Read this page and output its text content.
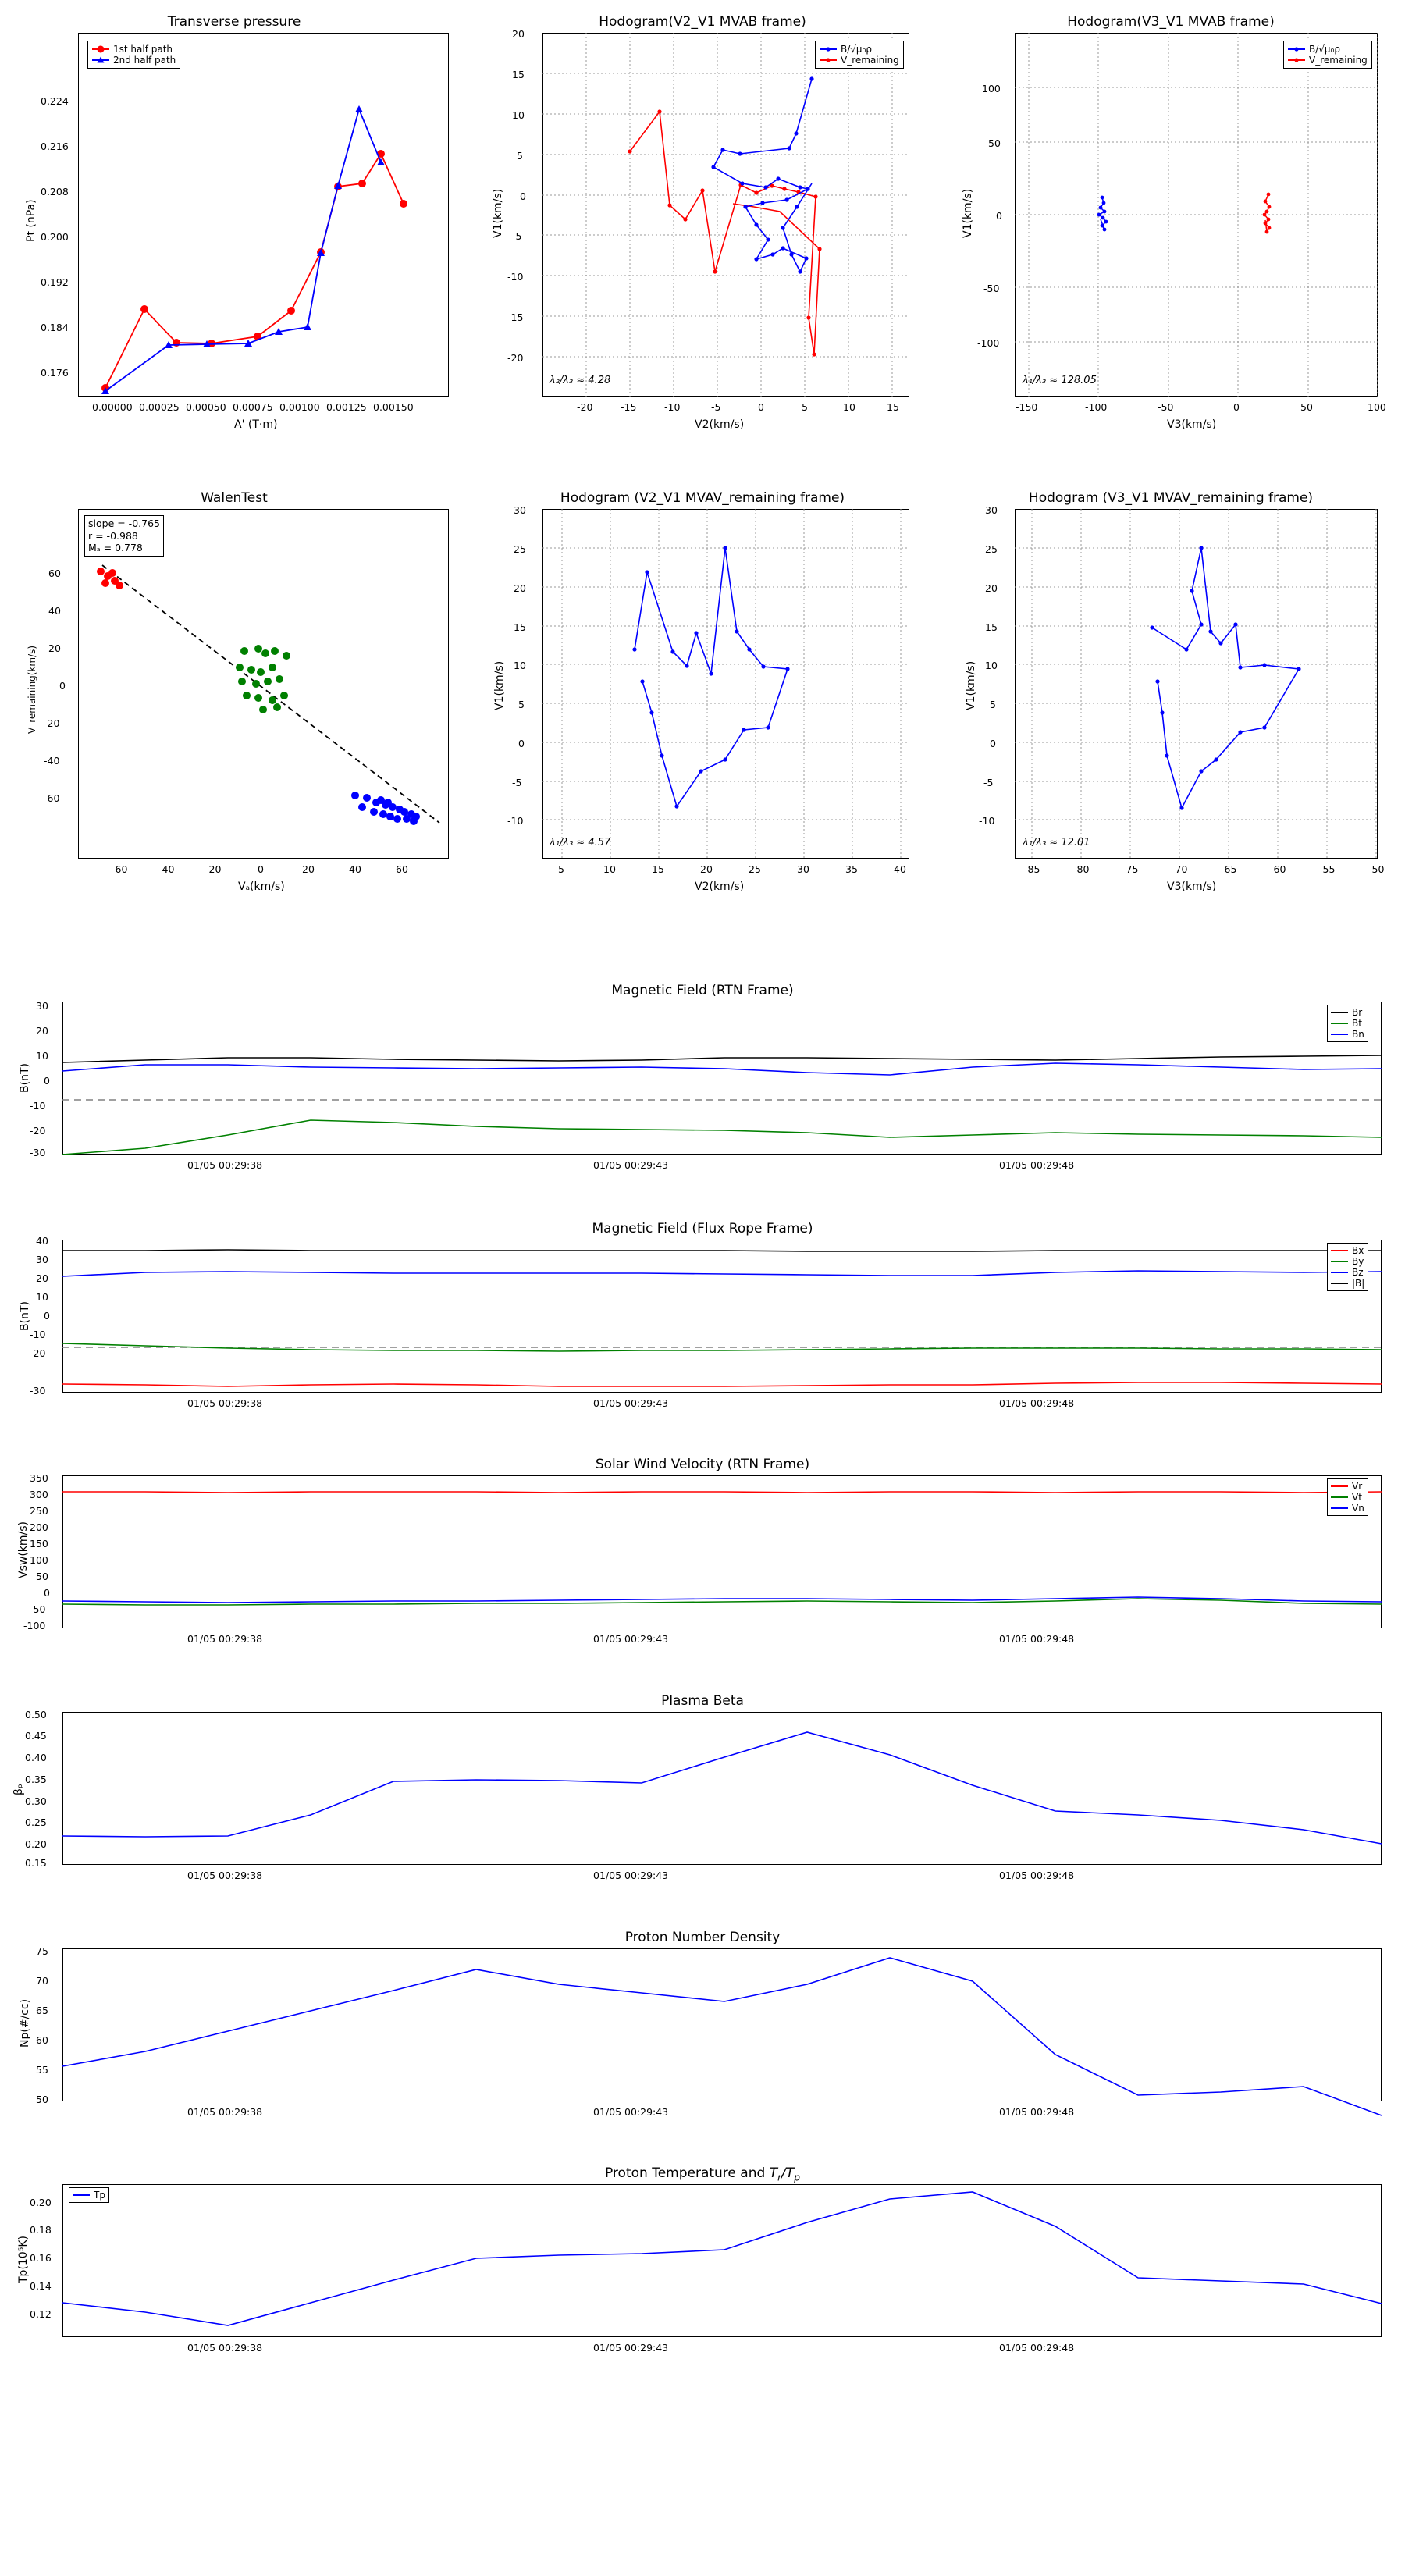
Transverse pressure
1st half path
2nd half path
0.224
0.216
0.208
0.200
0.192
0.184
0.176
0.00000 0.00025 0.00050 0.00075 0.00100 0.00125 0.00150
A' (T·m)
Pt (nPa)
Hodogram(V2_V1 MVAB frame)
B/√μ₀ρ
V_remaining
λ₂/λ₃ ≈ 4.28
20
15
10
5
0
-5
-10
-15
-20
-20	-15	-10	-5	0	5	10	15
V2(km/s)
V1(km/s)
Hodogram(V3_V1 MVAB frame)
B/√μ₀ρ
V_remaining
λ₁/λ₃ ≈ 128.05
100
50
0
-50
-100
-150	-100	-50	0	50	100
V3(km/s)
V1(km/s)
WalenTest
slope = -0.765
r = -0.988
Mₐ = 0.778
60
40
20
0
-20
-40
-60
-60	-40	-20	0	20	40	60
Vₐ(km/s)
V_remaining(km/s)
Hodogram (V2_V1 MVAV_remaining frame)
λ₁/λ₃ ≈ 4.57
30
25
20
15
10
5
0
-5
-10
5	10	15	20	25	30	35	40
V2(km/s)
V1(km/s)
Hodogram (V3_V1 MVAV_remaining frame)
λ₁/λ₃ ≈ 12.01
30
25
20
15
10
5
0
-5
-10
-85	-80	-75	-70	-65	-60	-55	-50
V3(km/s)
V1(km/s)
Magnetic Field (RTN Frame)
Br
Bt
Bn
30
20
10
0
-10
-20
-30
01/05 00:29:38	01/05 00:29:43	01/05 00:29:48
B(nT)
Magnetic Field (Flux Rope Frame)
Bx
By
Bz
|B|
40
30
20
10
0
-10
-20
-30
01/05 00:29:38	01/05 00:29:43	01/05 00:29:48
B(nT)
Solar Wind Velocity (RTN Frame)
Vr
Vt
Vn
350
300
250
200
150
100
50
0
-50
-100
01/05 00:29:38	01/05 00:29:43	01/05 00:29:48
Vsw(km/s)
Plasma Beta
0.50
0.45
0.40
0.35
0.30
0.25
0.20
0.15
01/05 00:29:38	01/05 00:29:43	01/05 00:29:48
βₚ
Proton Number Density
75
70
65
60
55
50
01/05 00:29:38	01/05 00:29:43	01/05 00:29:48
Np(#/cc)
Proton Temperature and $T_r/T_p$
Tp
0.20
0.18
0.16
0.14
0.12
01/05 00:29:38	01/05 00:29:43	01/05 00:29:48
Tp(10⁵K)
